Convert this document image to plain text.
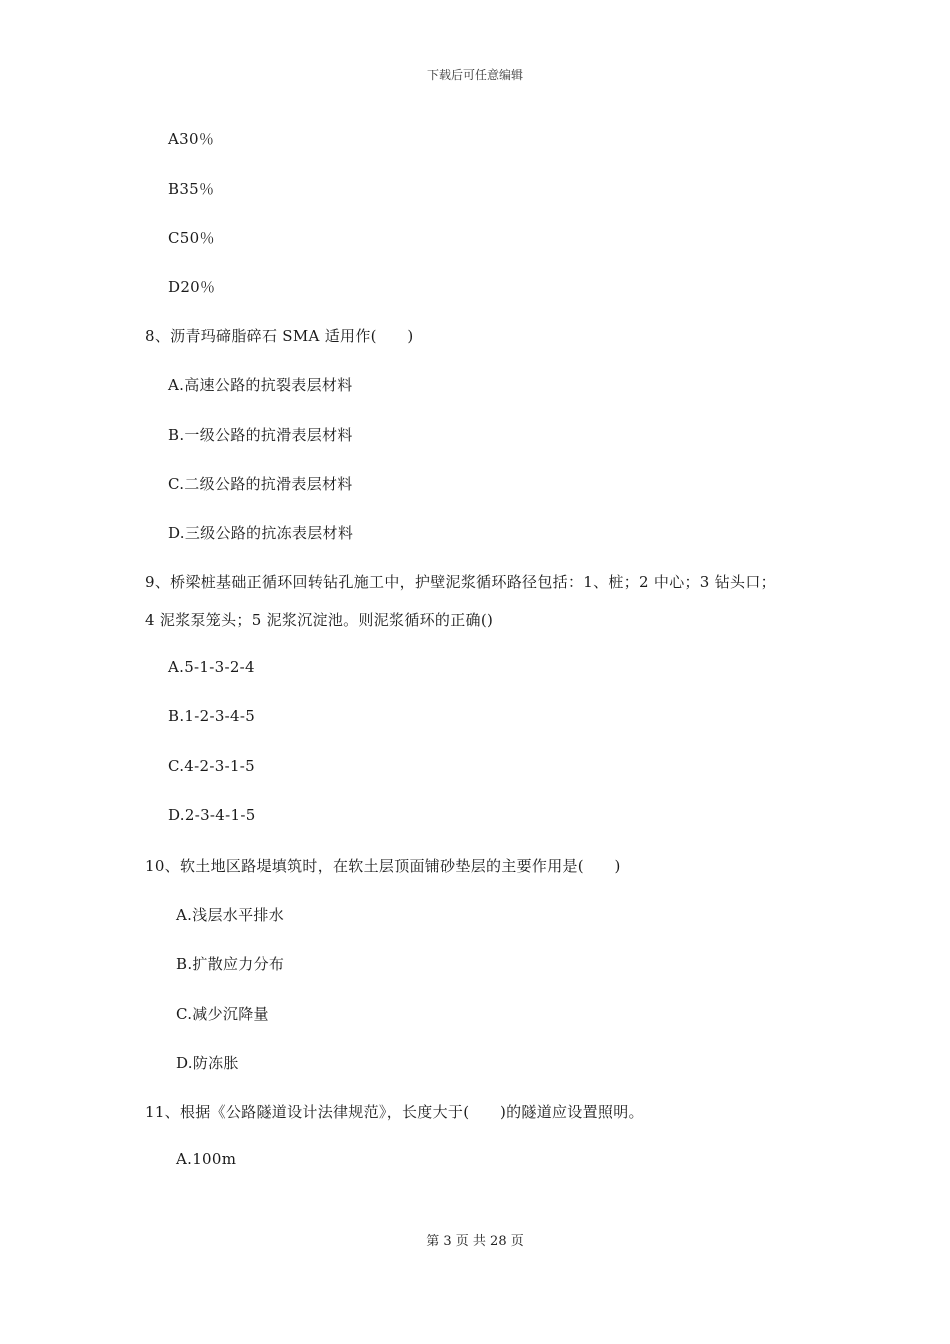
下载后可任意编辑
A30％
B35％
C50％
D20％
8、沥青玛碲脂碎石 SMA 适用作(　　)
A.高速公路的抗裂表层材料
B.一级公路的抗滑表层材料
C.二级公路的抗滑表层材料
D.三级公路的抗冻表层材料
9、桥梁桩基础正循环回转钻孔施工中，护壁泥浆循环路径包括：1、桩；2 中心；3 钻头口；
4 泥浆泵笼头；5 泥浆沉淀池。则泥浆循环的正确()
A.5-1-3-2-4
B.1-2-3-4-5
C.4-2-3-1-5
D.2-3-4-1-5
10、软土地区路堤填筑时，在软土层顶面铺砂垫层的主要作用是(　　)
A.浅层水平排水
B.扩散应力分布
C.减少沉降量
D.防冻胀
11、根据《公路隧道设计法律规范》，长度大于(　　)的隧道应设置照明。
A.100m
第 3 页 共 28 页
